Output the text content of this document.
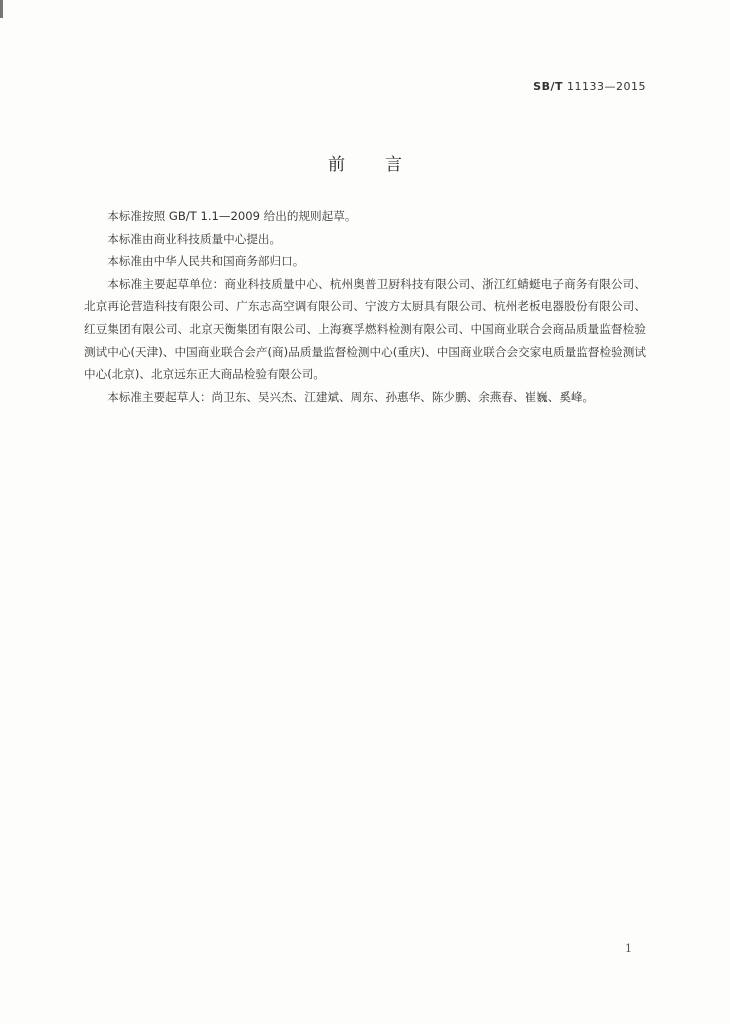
SB/T 11133—2015
前 言

本标准按照 GB/T 1.1—2009 给出的规则起草。

本标准由商业科技质量中心提出。

本标准由中华人民共和国商务部归口。

本标准主要起草单位：商业科技质量中心、杭州奥普卫厨科技有限公司、浙江红蜻蜓电子商务有限公司、北京再论营造科技有限公司、广东志高空调有限公司、宁波方太厨具有限公司、杭州老板电器股份有限公司、红豆集团有限公司、北京天衡集团有限公司、上海赛孚燃料检测有限公司、中国商业联合会商品质量监督检验测试中心(天津)、中国商业联合会产(商)品质量监督检测中心(重庆)、中国商业联合会交家电质量监督检验测试中心(北京)、北京远东正大商品检验有限公司。

本标准主要起草人：尚卫东、吴兴杰、江建斌、周东、孙惠华、陈少鹏、余燕春、崔巍、奚峰。

1
